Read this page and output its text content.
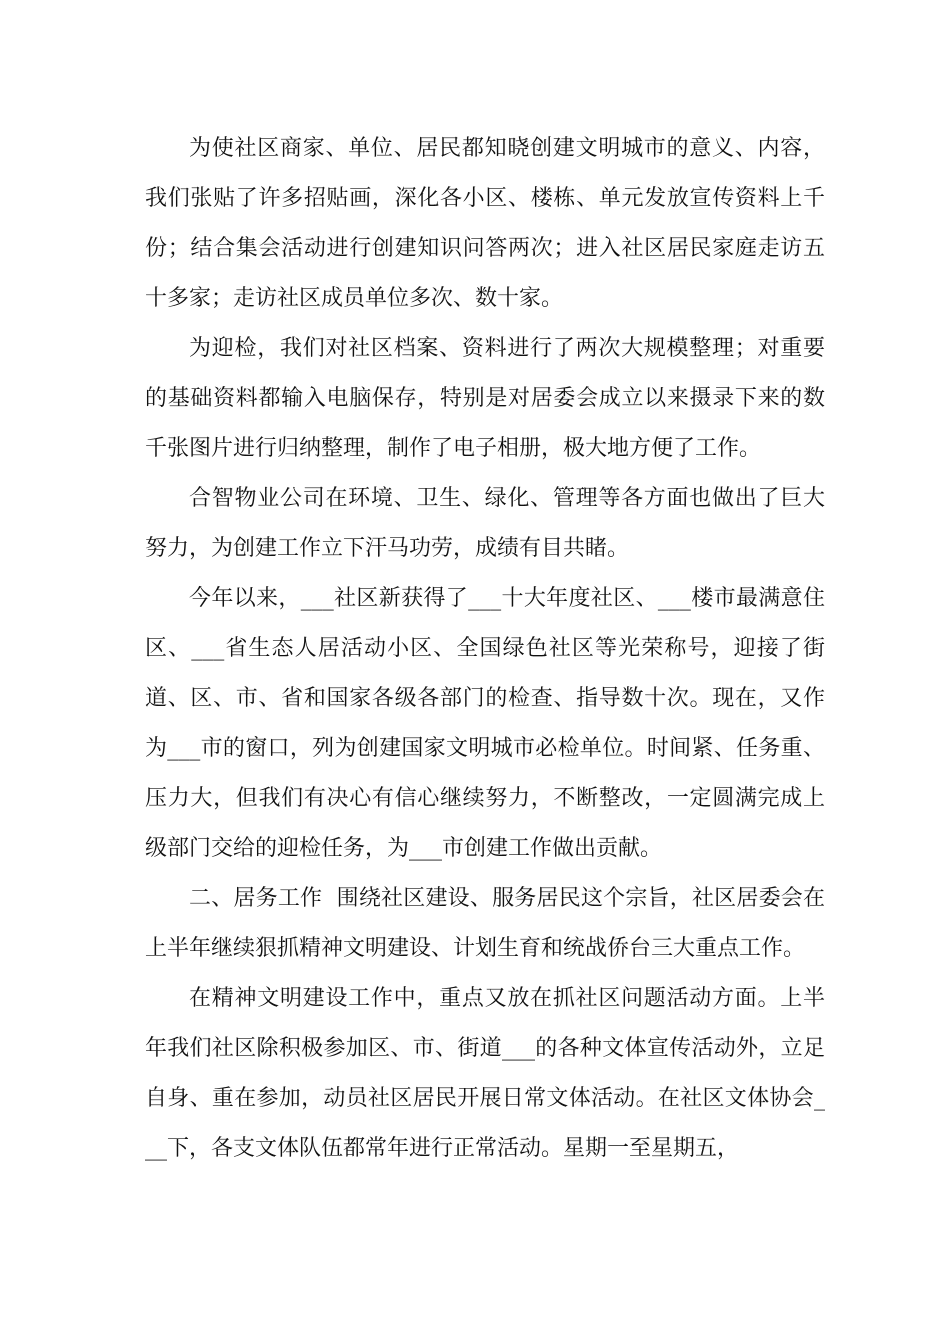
为使社区商家、单位、居民都知晓创建文明城市的意义、内容，我们张贴了许多招贴画，深化各小区、楼栋、单元发放宣传资料上千份；结合集会活动进行创建知识问答两次；进入社区居民家庭走访五十多家；走访社区成员单位多次、数十家。

为迎检，我们对社区档案、资料进行了两次大规模整理；对重要的基础资料都输入电脑保存，特别是对居委会成立以来摄录下来的数千张图片进行归纳整理，制作了电子相册，极大地方便了工作。

合智物业公司在环境、卫生、绿化、管理等各方面也做出了巨大努力，为创建工作立下汗马功劳，成绩有目共睹。

今年以来，___社区新获得了___十大年度社区、___楼市最满意住区、___省生态人居活动小区、全国绿色社区等光荣称号，迎接了街道、区、市、省和国家各级各部门的检查、指导数十次。现在，又作为___市的窗口，列为创建国家文明城市必检单位。时间紧、任务重、压力大，但我们有决心有信心继续努力，不断整改，一定圆满完成上级部门交给的迎检任务，为___市创建工作做出贡献。

二、居务工作  围绕社区建设、服务居民这个宗旨，社区居委会在上半年继续狠抓精神文明建设、计划生育和统战侨台三大重点工作。

在精神文明建设工作中，重点又放在抓社区问题活动方面。上半年我们社区除积极参加区、市、街道___的各种文体宣传活动外，立足自身、重在参加，动员社区居民开展日常文体活动。在社区文体协会___下，各支文体队伍都常年进行正常活动。星期一至星期五，
